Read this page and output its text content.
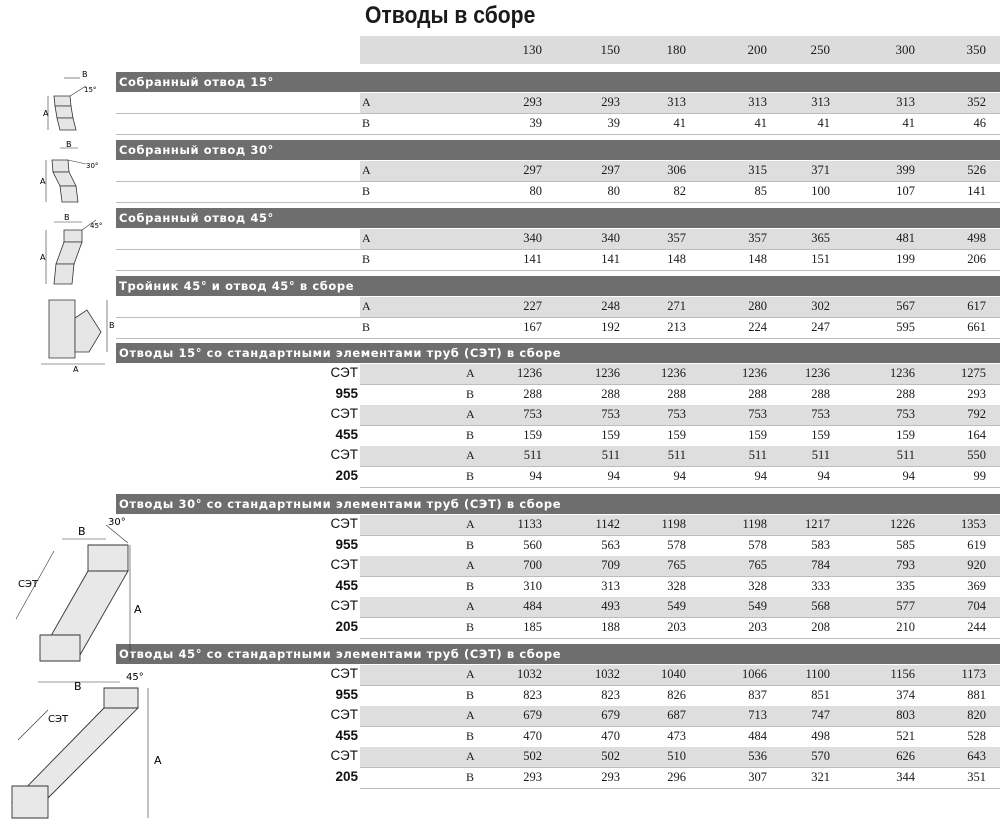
Отводы в сборе
130	150	180	200	250	300	350
Собранный отвод 15°
A	293	293	313	313	313	313	352
B	39	39	41	41	41	41	46
Собранный отвод 30°
A	297	297	306	315	371	399	526
B	80	80	82	85	100	107	141
Собранный отвод 45°
A	340	340	357	357	365	481	498
B	141	141	148	148	151	199	206
Тройник 45° и отвод 45° в сборе
A	227	248	271	280	302	567	617
B	167	192	213	224	247	595	661
Отводы 15° со стандартными элементами труб (СЭТ) в сборе
СЭТ	A	1236	1236	1236	1236	1236	1236	1275
955	B	288	288	288	288	288	288	293
СЭТ	A	753	753	753	753	753	753	792
455	B	159	159	159	159	159	159	164
СЭТ	A	511	511	511	511	511	511	550
205	B	94	94	94	94	94	94	99
Отводы 30° со стандартными элементами труб (СЭТ) в сборе
СЭТ	A	1133	1142	1198	1198	1217	1226	1353
955	B	560	563	578	578	583	585	619
СЭТ	A	700	709	765	765	784	793	920
455	B	310	313	328	328	333	335	369
СЭТ	A	484	493	549	549	568	577	704
205	B	185	188	203	203	208	210	244
Отводы 45° со стандартными элементами труб (СЭТ) в сборе
СЭТ	A	1032	1032	1040	1066	1100	1156	1173
955	B	823	823	826	837	851	374	881
СЭТ	A	679	679	687	713	747	803	820
455	B	470	470	473	484	498	521	528
СЭТ	A	502	502	510	536	570	626	643
205	B	293	293	296	307	321	344	351
A
B
15°
A
B
30°
A
B
45°
A
B
A
B
СЭТ
30°
A
B
СЭТ
45°
